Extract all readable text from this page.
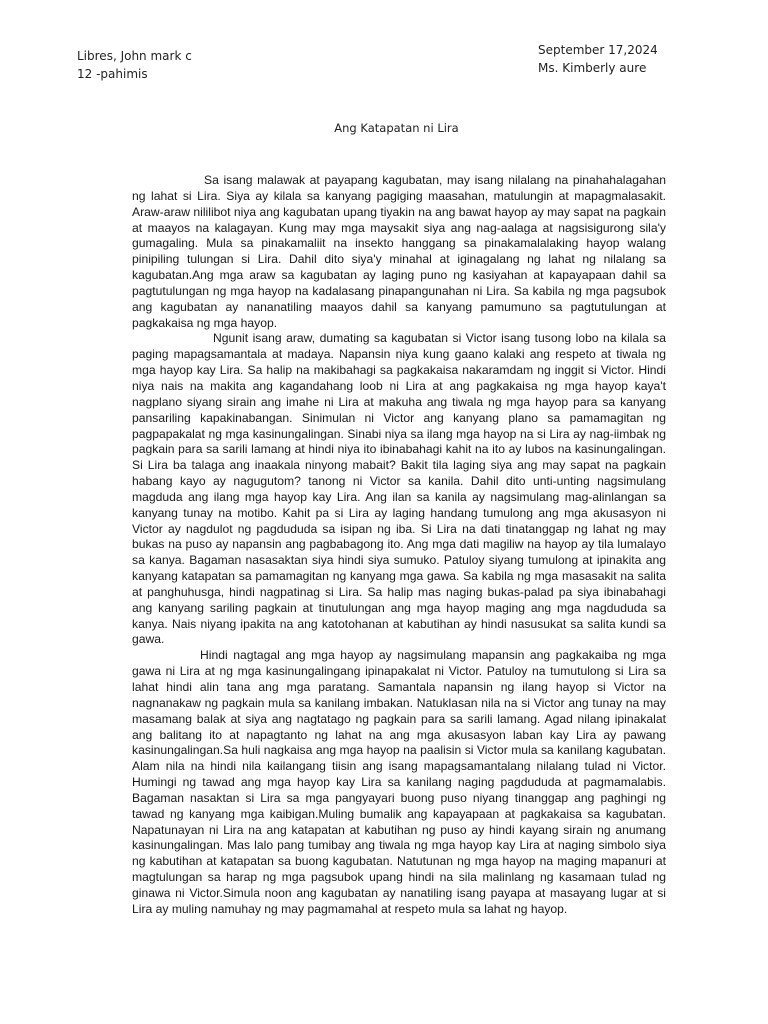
Libres, John mark c
12 -pahimis
September 17,2024
Ms. Kimberly aure
Ang Katapatan ni Lira

Sa isang malawak at payapang kagubatan, may isang nilalang na pinahahalagahan ng lahat si Lira. Siya ay kilala sa kanyang pagiging maasahan, matulungin at mapagmalasakit. Araw-araw nililibot niya ang kagubatan upang tiyakin na ang bawat hayop ay may sapat na pagkain at maayos na kalagayan. Kung may mga maysakit siya ang nag-aalaga at nagsisigurong sila'y gumagaling. Mula sa pinakamaliit na insekto hanggang sa pinakamalalaking hayop walang pinipiling tulungan si Lira. Dahil dito siya'y minahal at iginagalang ng lahat ng nilalang sa kagubatan.Ang mga araw sa kagubatan ay laging puno ng kasiyahan at kapayapaan dahil sa pagtutulungan ng mga hayop na kadalasang pinapangunahan ni Lira. Sa kabila ng mga pagsubok ang kagubatan ay nananatiling maayos dahil sa kanyang pamumuno sa pagtutulungan at pagkakaisa ng mga hayop.

Ngunit isang araw, dumating sa kagubatan si Victor isang tusong lobo na kilala sa paging mapagsamantala at madaya. Napansin niya kung gaano kalaki ang respeto at tiwala ng mga hayop kay Lira. Sa halip na makibahagi sa pagkakaisa nakaramdam ng inggit si Victor. Hindi niya nais na makita ang kagandahang loob ni Lira at ang pagkakaisa ng mga hayop kaya't nagplano siyang sirain ang imahe ni Lira at makuha ang tiwala ng mga hayop para sa kanyang pansariling kapakinabangan. Sinimulan ni Victor ang kanyang plano sa pamamagitan ng pagpapakalat ng mga kasinungalingan. Sinabi niya sa ilang mga hayop na si Lira ay nag-iimbak ng pagkain para sa sarili lamang at hindi niya ito ibinabahagi kahit na ito ay lubos na kasinungalingan. Si Lira ba talaga ang inaakala ninyong mabait? Bakit tila laging siya ang may sapat na pagkain habang kayo ay nagugutom? tanong ni Victor sa kanila. Dahil dito unti-unting nagsimulang magduda ang ilang mga hayop kay Lira. Ang ilan sa kanila ay nagsimulang mag-alinlangan sa kanyang tunay na motibo. Kahit pa si Lira ay laging handang tumulong ang mga akusasyon ni Victor ay nagdulot ng pagdududa sa isipan ng iba. Si Lira na dati tinatanggap ng lahat ng may bukas na puso ay napansin ang pagbabagong ito. Ang mga dati magiliw na hayop ay tila lumalayo sa kanya. Bagaman nasasaktan siya hindi siya sumuko. Patuloy siyang tumulong at ipinakita ang kanyang katapatan sa pamamagitan ng kanyang mga gawa. Sa kabila ng mga masasakit na salita at panghuhusga, hindi nagpatinag si Lira. Sa halip mas naging bukas-palad pa siya ibinabahagi ang kanyang sariling pagkain at tinutulungan ang mga hayop maging ang mga nagdududa sa kanya. Nais niyang ipakita na ang katotohanan at kabutihan ay hindi nasusukat sa salita kundi sa gawa.

Hindi nagtagal ang mga hayop ay nagsimulang mapansin ang pagkakaiba ng mga gawa ni Lira at ng mga kasinungalingang ipinapakalat ni Victor. Patuloy na tumutulong si Lira sa lahat hindi alin tana ang mga paratang. Samantala napansin ng ilang hayop si Victor na nagnanakaw ng pagkain mula sa kanilang imbakan. Natuklasan nila na si Victor ang tunay na may masamang balak at siya ang nagtatago ng pagkain para sa sarili lamang. Agad nilang ipinakalat ang balitang ito at napagtanto ng lahat na ang mga akusasyon laban kay Lira ay pawang kasinungalingan.Sa huli nagkaisa ang mga hayop na paalisin si Victor mula sa kanilang kagubatan. Alam nila na hindi nila kailangang tiisin ang isang mapagsamantalang nilalang tulad ni Victor. Humingi ng tawad ang mga hayop kay Lira sa kanilang naging pagdududa at pagmamalabis. Bagaman nasaktan si Lira sa mga pangyayari buong puso niyang tinanggap ang paghingi ng tawad ng kanyang mga kaibigan.Muling bumalik ang kapayapaan at pagkakaisa sa kagubatan. Napatunayan ni Lira na ang katapatan at kabutihan ng puso ay hindi kayang sirain ng anumang kasinungalingan. Mas lalo pang tumibay ang tiwala ng mga hayop kay Lira at naging simbolo siya ng kabutihan at katapatan sa buong kagubatan. Natutunan ng mga hayop na maging mapanuri at magtulungan sa harap ng mga pagsubok upang hindi na sila malinlang ng kasamaan tulad ng ginawa ni Victor.Simula noon ang kagubatan ay nanatiling isang payapa at masayang lugar at si Lira ay muling namuhay ng may pagmamahal at respeto mula sa lahat ng hayop.
